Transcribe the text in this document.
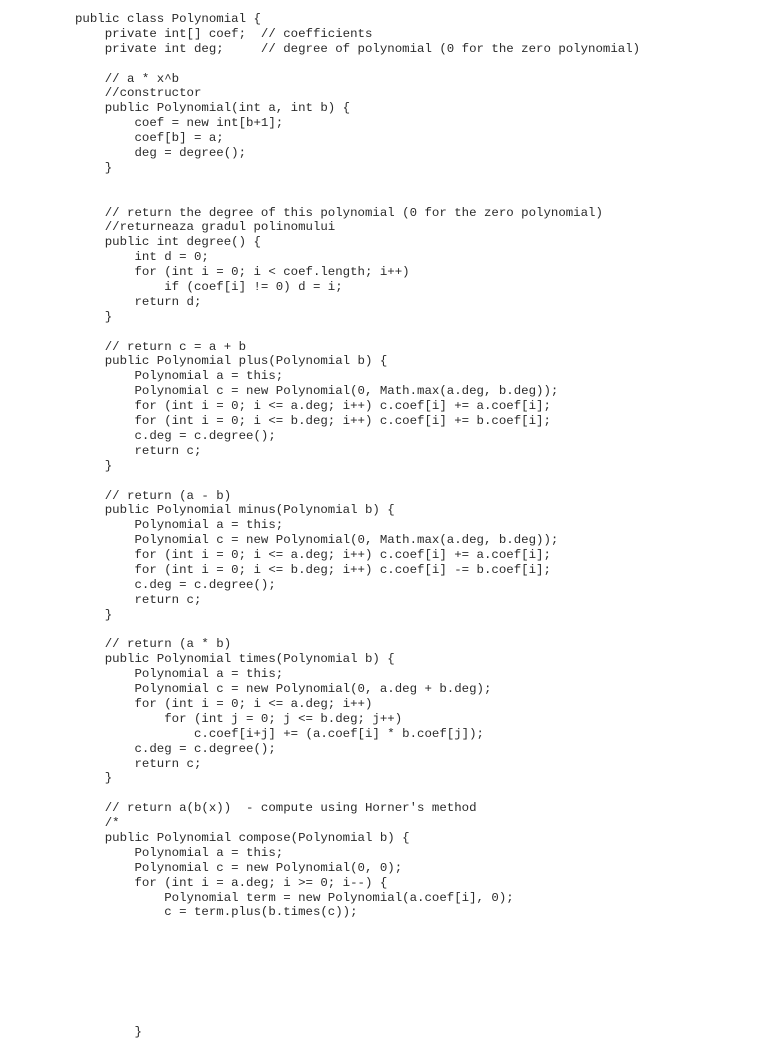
public class Polynomial {
private int[] coef;  // coefficients
private int deg;     // degree of polynomial (0 for the zero polynomial)
// a * x^b
//constructor
public Polynomial(int a, int b) {
coef = new int[b+1];
coef[b] = a;
deg = degree();
}
// return the degree of this polynomial (0 for the zero polynomial)
//returneaza gradul polinomului
public int degree() {
int d = 0;
for (int i = 0; i < coef.length; i++)
if (coef[i] != 0) d = i;
return d;
}
// return c = a + b
public Polynomial plus(Polynomial b) {
Polynomial a = this;
Polynomial c = new Polynomial(0, Math.max(a.deg, b.deg));
for (int i = 0; i <= a.deg; i++) c.coef[i] += a.coef[i];
for (int i = 0; i <= b.deg; i++) c.coef[i] += b.coef[i];
c.deg = c.degree();
return c;
}
// return (a - b)
public Polynomial minus(Polynomial b) {
Polynomial a = this;
Polynomial c = new Polynomial(0, Math.max(a.deg, b.deg));
for (int i = 0; i <= a.deg; i++) c.coef[i] += a.coef[i];
for (int i = 0; i <= b.deg; i++) c.coef[i] -= b.coef[i];
c.deg = c.degree();
return c;
}
// return (a * b)
public Polynomial times(Polynomial b) {
Polynomial a = this;
Polynomial c = new Polynomial(0, a.deg + b.deg);
for (int i = 0; i <= a.deg; i++)
for (int j = 0; j <= b.deg; j++)
c.coef[i+j] += (a.coef[i] * b.coef[j]);
c.deg = c.degree();
return c;
}
// return a(b(x))  - compute using Horner's method
/*
public Polynomial compose(Polynomial b) {
Polynomial a = this;
Polynomial c = new Polynomial(0, 0);
for (int i = a.deg; i >= 0; i--) {
Polynomial term = new Polynomial(a.coef[i], 0);
c = term.plus(b.times(c));
}
